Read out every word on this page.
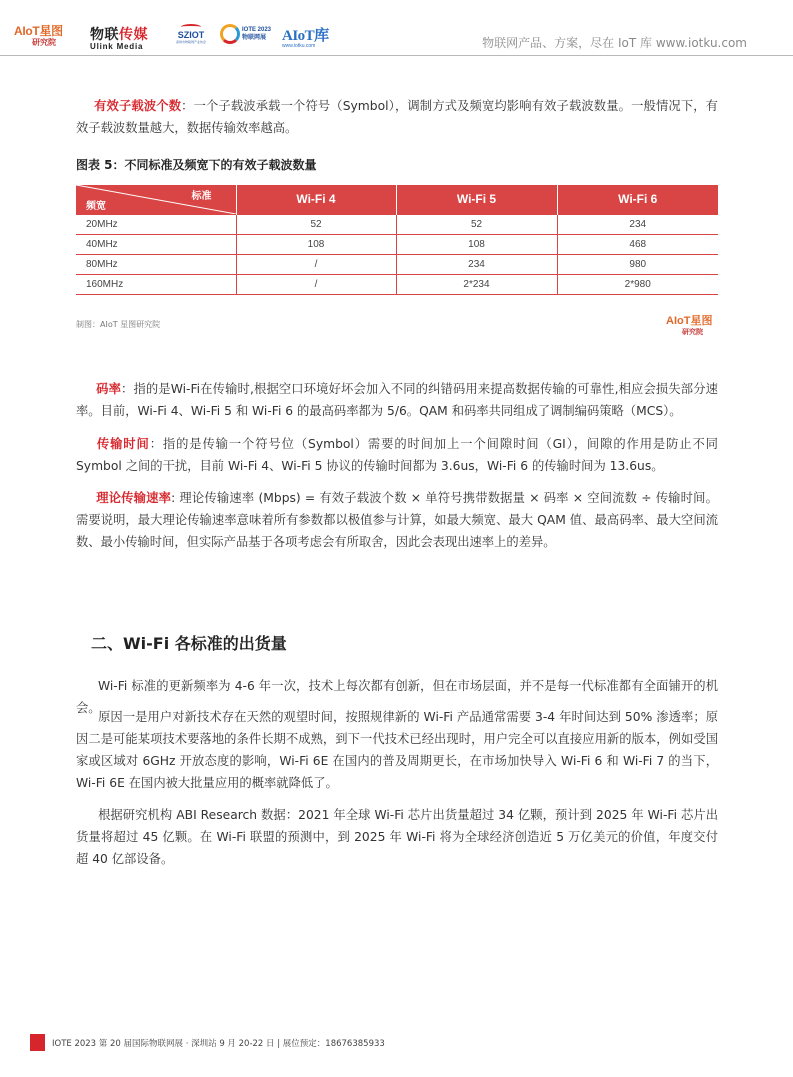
AIoT星图
研究院	物联传媒
Ulink Media
SZIOT
深圳市物联网产业协会
IOTE 2023
物联网展	AIoT库
www.iotku.com	物联网产品、方案，尽在 IoT 库 www.iotku.com

有效子载波个数：一个子载波承载一个符号（Symbol），调制方式及频宽均影响有效子载波数量。一般情况下，有效子载波数量越大，数据传输效率越高。

图表 5：不同标准及频宽下的有效子载波数量
标准
频宽	Wi-Fi 4	Wi-Fi 5	Wi-Fi 6
20MHz	52	52	234
40MHz	108	108	468
80MHz	/	234	980
160MHz	/	2*234	2*980
制图：AIoT 星图研究院	AIoT星图
研究院

码率：指的是Wi-Fi在传输时,根据空口环境好坏会加入不同的纠错码用来提高数据传输的可靠性,相应会损失部分速率。目前，Wi-Fi 4、Wi-Fi 5 和 Wi-Fi 6 的最高码率都为 5/6。QAM 和码率共同组成了调制编码策略（MCS）。

传输时间：指的是传输一个符号位（Symbol）需要的时间加上一个间隙时间（GI），间隙的作用是防止不同 Symbol 之间的干扰，目前 Wi-Fi 4、Wi-Fi 5 协议的传输时间都为 3.6us，Wi-Fi 6 的传输时间为 13.6us。

理论传输速率: 理论传输速率 (Mbps) = 有效子载波个数 × 单符号携带数据量 × 码率 × 空间流数 ÷ 传输时间。需要说明，最大理论传输速率意味着所有参数都以极值参与计算，如最大频宽、最大 QAM 值、最高码率、最大空间流数、最小传输时间，但实际产品基于各项考虑会有所取舍，因此会表现出速率上的差异。

二、Wi-Fi 各标准的出货量

Wi-Fi 标准的更新频率为 4-6 年一次，技术上每次都有创新，但在市场层面，并不是每一代标准都有全面铺开的机会。

原因一是用户对新技术存在天然的观望时间，按照规律新的 Wi-Fi 产品通常需要 3-4 年时间达到 50% 渗透率；原因二是可能某项技术要落地的条件长期不成熟，到下一代技术已经出现时，用户完全可以直接应用新的版本，例如受国家或区域对 6GHz 开放态度的影响，Wi-Fi 6E 在国内的普及周期更长，在市场加快导入 Wi-Fi 6 和 Wi-Fi 7 的当下，Wi-Fi 6E 在国内被大批量应用的概率就降低了。

根据研究机构 ABI Research 数据：2021 年全球 Wi-Fi 芯片出货量超过 34 亿颗，预计到 2025 年 Wi-Fi 芯片出货量将超过 45 亿颗。在 Wi-Fi 联盟的预测中，到 2025 年 Wi-Fi 将为全球经济创造近 5 万亿美元的价值，年度交付超 40 亿部设备。

IOTE 2023 第 20 届国际物联网展 · 深圳站 9 月 20-22 日 | 展位预定：18676385933
